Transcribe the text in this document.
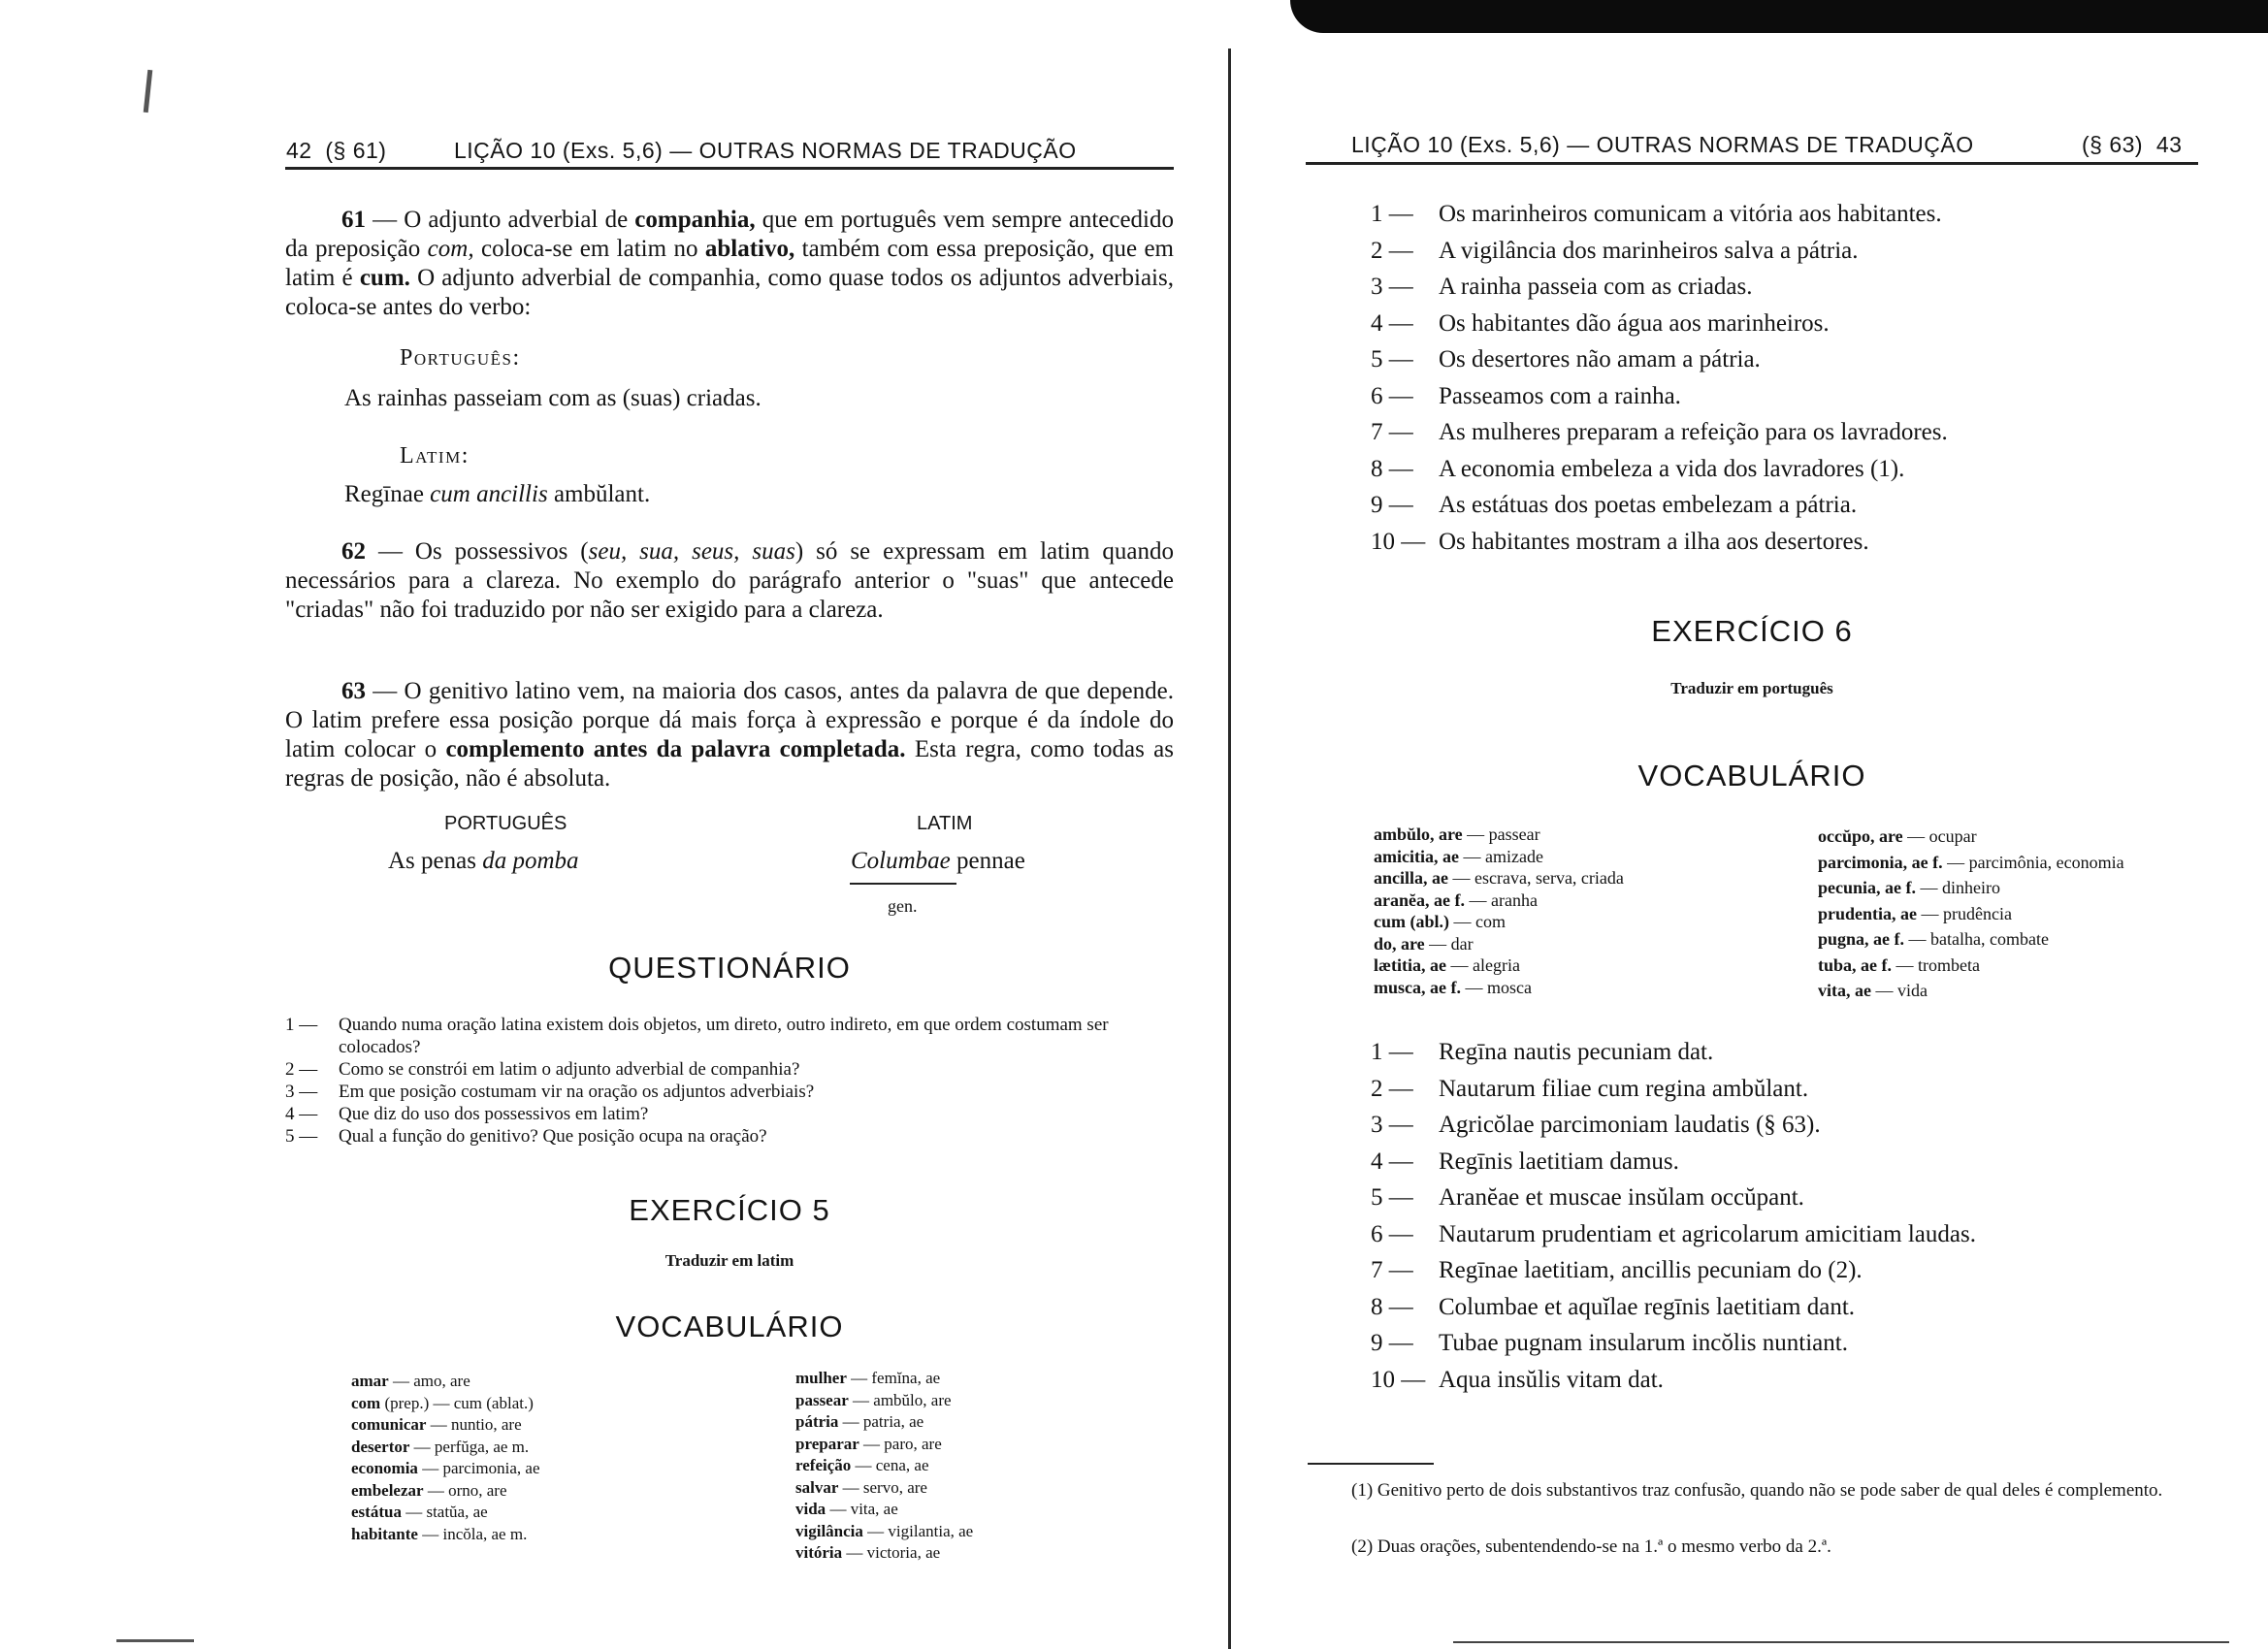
42 (§ 61)	LIÇÃO 10 (Exs. 5,6) — OUTRAS NORMAS DE TRADUÇÃO
61 — O adjunto adverbial de companhia, que em português vem sempre antecedido da preposição com, coloca-se em latim no ablativo, também com essa preposição, que em latim é cum. O adjunto adverbial de companhia, como quase todos os adjuntos adverbiais, coloca-se antes do verbo:
Português:
As rainhas passeiam com as (suas) criadas.
Latim:
Regīnae cum ancillis ambŭlant.
62 — Os possessivos (seu, sua, seus, suas) só se expressam em latim quando necessários para a clareza. No exemplo do parágrafo anterior o "suas" que antecede "criadas" não foi traduzido por não ser exigido para a clareza.
63 — O genitivo latino vem, na maioria dos casos, antes da palavra de que depende. O latim prefere essa posição porque dá mais força à expressão e porque é da índole do latim colocar o complemento antes da palavra completada. Esta regra, como todas as regras de posição, não é absoluta.
PORTUGUÊS	LATIM
As penas da pomba	Columbae pennae
gen.
QUESTIONÁRIO
1 —	Quando numa oração latina existem dois objetos, um direto, outro indireto, em que ordem costumam ser colocados?
2 —	Como se constrói em latim o adjunto adverbial de companhia?
3 —	Em que posição costumam vir na oração os adjuntos adverbiais?
4 —	Que diz do uso dos possessivos em latim?
5 —	Qual a função do genitivo? Que posição ocupa na oração?
EXERCÍCIO 5
Traduzir em latim
VOCABULÁRIO
amar — amo, are
com (prep.) — cum (ablat.)
comunicar — nuntio, are
desertor — perfŭga, ae m.
economia — parcimonia, ae
embelezar — orno, are
estátua — statŭa, ae
habitante — incŏla, ae m.
mulher — femĭna, ae
passear — ambŭlo, are
pátria — patria, ae
preparar — paro, are
refeição — cena, ae
salvar — servo, are
vida — vita, ae
vigilância — vigilantia, ae
vitória — victoria, ae
LIÇÃO 10 (Exs. 5,6) — OUTRAS NORMAS DE TRADUÇÃO	(§ 63) 43
1 —	Os marinheiros comunicam a vitória aos habitantes.
2 —	A vigilância dos marinheiros salva a pátria.
3 —	A rainha passeia com as criadas.
4 —	Os habitantes dão água aos marinheiros.
5 —	Os desertores não amam a pátria.
6 —	Passeamos com a rainha.
7 —	As mulheres preparam a refeição para os lavradores.
8 —	A economia embeleza a vida dos lavradores (1).
9 —	As estátuas dos poetas embelezam a pátria.
10 — Os habitantes mostram a ilha aos desertores.
EXERCÍCIO 6
Traduzir em português
VOCABULÁRIO
ambŭlo, are — passear
amicitia, ae — amizade
ancilla, ae — escrava, serva, criada
aranĕa, ae f. — aranha
cum (abl.) — com
do, are — dar
lætitia, ae — alegria
musca, ae f. — mosca
occŭpo, are — ocupar
parcimonia, ae f. — parcimônia, economia
pecunia, ae f. — dinheiro
prudentia, ae — prudência
pugna, ae f. — batalha, combate
tuba, ae f. — trombeta
vita, ae — vida
1 —	Regīna nautis pecuniam dat.
2 —	Nautarum filiae cum regina ambŭlant.
3 —	Agricŏlae parcimoniam laudatis (§ 63).
4 —	Regīnis laetitiam damus.
5 —	Aranĕae et muscae insŭlam occŭpant.
6 —	Nautarum prudentiam et agricolarum amicitiam laudas.
7 —	Regīnae laetitiam, ancillis pecuniam do (2).
8 —	Columbae et aquĭlae regīnis laetitiam dant.
9 —	Tubae pugnam insularum incŏlis nuntiant.
10 — Aqua insŭlis vitam dat.
(1) Genitivo perto de dois substantivos traz confusão, quando não se pode saber de qual deles é complemento.
(2) Duas orações, subentendendo-se na 1.ª o mesmo verbo da 2.ª.
